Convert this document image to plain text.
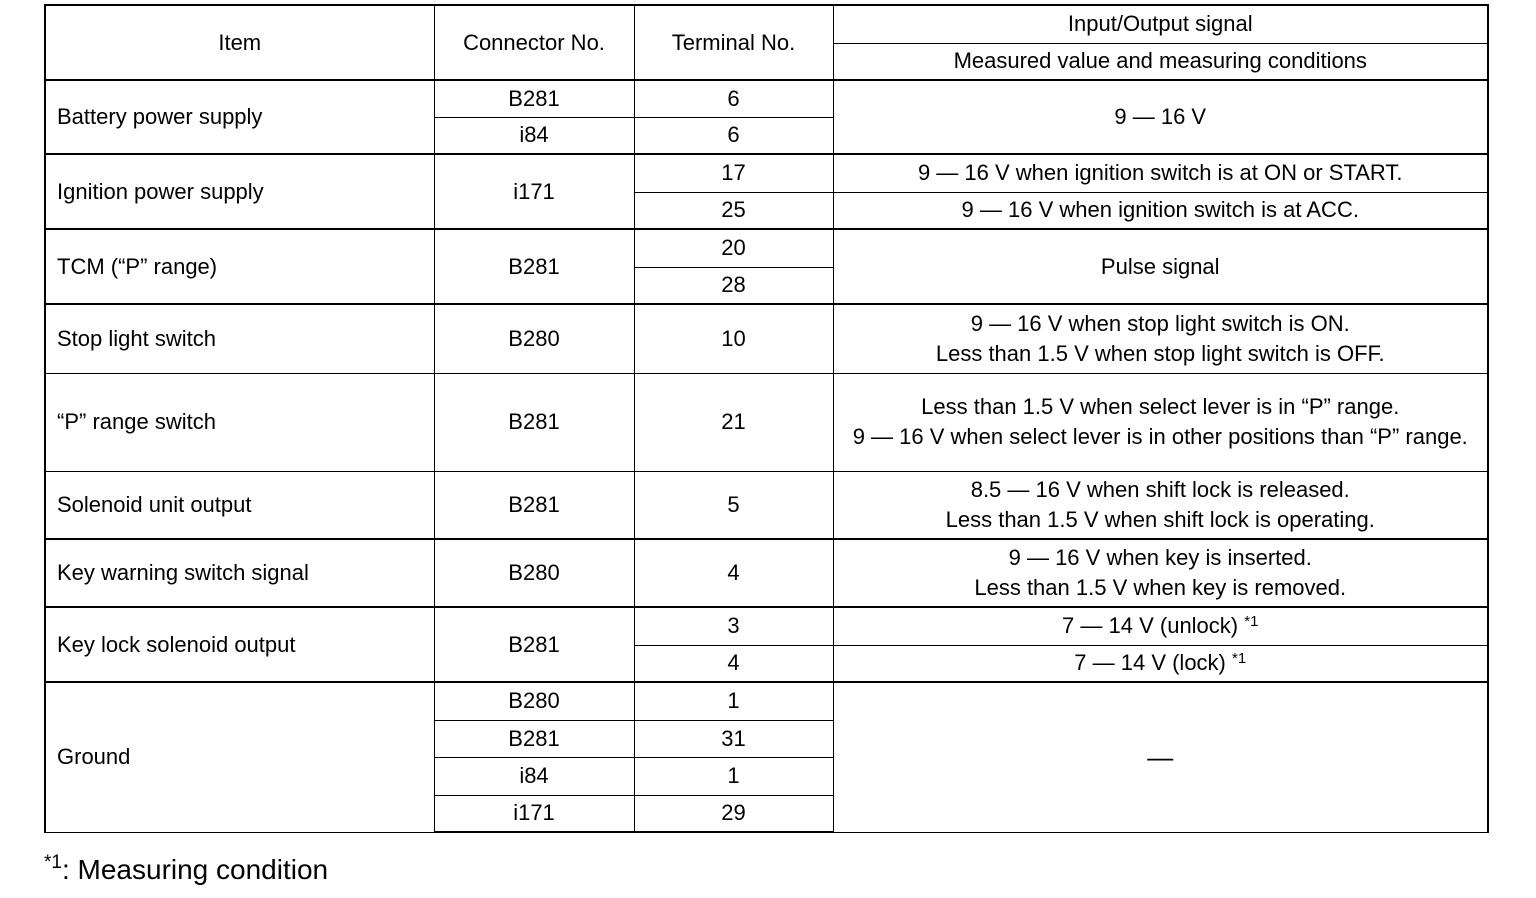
Item	Connector No.	Terminal No.	Input/Output signal
			Measured value and measuring conditions
Battery power supply	B281	6	9 — 16 V
	i84	6	
Ignition power supply	i171	17	9 — 16 V when ignition switch is at ON or START.
		25	9 — 16 V when ignition switch is at ACC.
TCM (“P” range)	B281	20	Pulse signal
		28	
Stop light switch	B280	10	9 — 16 V when stop light switch is ON.
Less than 1.5 V when stop light switch is OFF.

“P” range switch	B281	21	Less than 1.5 V when select lever is in “P” range.
9 — 16 V when select lever is in other positions than “P” range.

Solenoid unit output	B281	5	8.5 — 16 V when shift lock is released.
Less than 1.5 V when shift lock is operating.

Key warning switch signal	B280	4	9 — 16 V when key is inserted.
Less than 1.5 V when key is removed.

Key lock solenoid output	B281	3	7 — 14 V (unlock) $^{*1}$
		4	7 — 14 V (lock) $^{*1}$
Ground	B280	1	—
	B281	31	
	i84	1	
	i171	29	
$^{*1}$: Measuring condition
